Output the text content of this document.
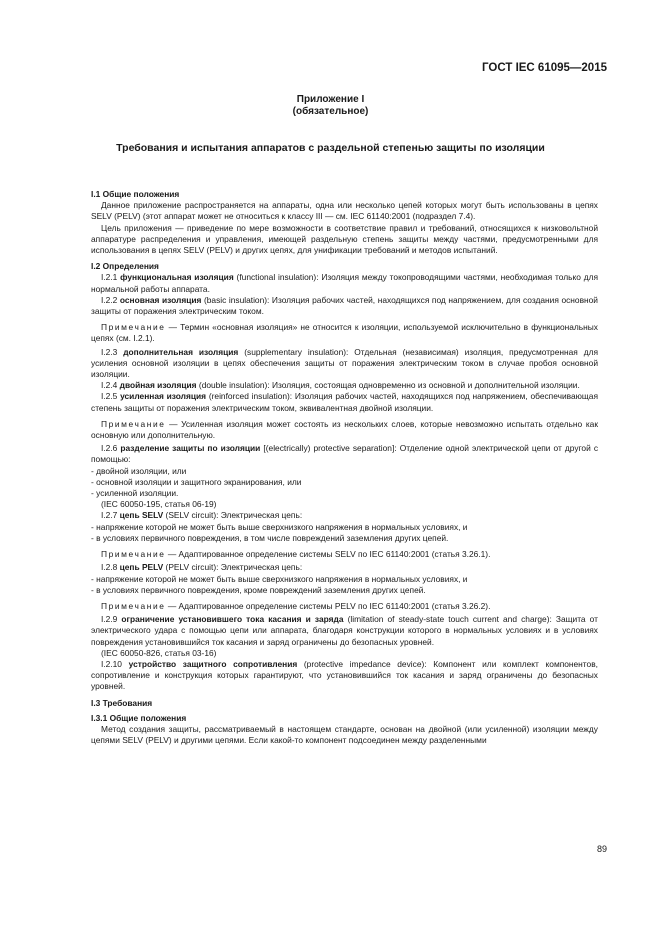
ГОСТ IEC 61095—2015
Приложение I
(обязательное)
Требования и испытания аппаратов с раздельной степенью защиты по изоляции

I.1 Общие положения

Данное приложение распространяется на аппараты, одна или несколько цепей которых могут быть использованы в цепях SELV (PELV) (этот аппарат может не относиться к классу III — см. IEC 61140:2001 (подраздел 7.4).

Цель приложения — приведение по мере возможности в соответствие правил и требований, относящихся к низковольтной аппаратуре распределения и управления, имеющей раздельную степень защиты между частями, предусмотренными для использования в цепях SELV (PELV) и других цепях, для унификации требований и методов испытаний.

I.2 Определения

I.2.1 функциональная изоляция (functional insulation): Изоляция между токопроводящими частями, необходимая только для нормальной работы аппарата.

I.2.2 основная изоляция (basic insulation): Изоляция рабочих частей, находящихся под напряжением, для создания основной защиты от поражения электрическим током.

Примечание — Термин «основная изоляция» не относится к изоляции, используемой исключительно в функциональных цепях (см. I.2.1).

I.2.3 дополнительная изоляция (supplementary insulation): Отдельная (независимая) изоляция, предусмотренная для усиления основной изоляции в цепях обеспечения защиты от поражения электрическим током в случае пробоя основной изоляции.

I.2.4 двойная изоляция (double insulation): Изоляция, состоящая одновременно из основной и дополнительной изоляции.

I.2.5 усиленная изоляция (reinforced insulation): Изоляция рабочих частей, находящихся под напряжением, обеспечивающая степень защиты от поражения электрическим током, эквивалентная двойной изоляции.

Примечание — Усиленная изоляция может состоять из нескольких слоев, которые невозможно испытать отдельно как основную или дополнительную.

I.2.6 разделение защиты по изоляции [(electrically) protective separation]: Отделение одной электрической цепи от другой с помощью:

- двойной изоляции, или

- основной изоляции и защитного экранирования, или

- усиленной изоляции.

(IEC 60050-195, статья 06-19)

I.2.7 цепь SELV (SELV circuit): Электрическая цепь:

- напряжение которой не может быть выше сверхнизкого напряжения в нормальных условиях, и

- в условиях первичного повреждения, в том числе повреждений заземления других цепей.

Примечание — Адаптированное определение системы SELV по IEC 61140:2001 (статья 3.26.1).

I.2.8 цепь PELV (PELV circuit): Электрическая цепь:

- напряжение которой не может быть выше сверхнизкого напряжения в нормальных условиях, и

- в условиях первичного повреждения, кроме повреждений заземления других цепей.

Примечание — Адаптированное определение системы PELV по IEC 61140:2001 (статья 3.26.2).

I.2.9 ограничение установившего тока касания и заряда (limitation of steady-state touch current and charge): Защита от электрического удара с помощью цепи или аппарата, благодаря конструкции которого в нормальных условиях и в условиях повреждения установившийся ток касания и заряд ограничены до безопасных уровней.

(IEC 60050-826, статья 03-16)

I.2.10 устройство защитного сопротивления (protective impedance device): Компонент или комплект компонентов, сопротивление и конструкция которых гарантируют, что установившийся ток касания и заряд ограничены до безопасных уровней.

I.3 Требования

I.3.1 Общие положения

Метод создания защиты, рассматриваемый в настоящем стандарте, основан на двойной (или усиленной) изоляции между цепями SELV (PELV) и другими цепями. Если какой-то компонент подсоединен между разделенными

89
